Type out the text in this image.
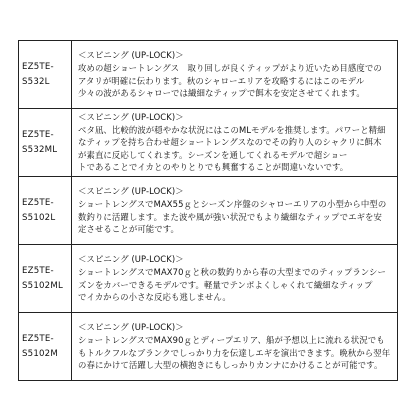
EZ5TE-
S532L	＜スピニング (UP-LOCK)＞
攻めの超ショートレングス　取り回しが良くティップがより近いため目感度での
アタリが明確に伝わります。秋のシャローエリアを攻略するにはこのモデル
少々の波があるシャローでは繊細なティップで餌木を安定させてくれます。

EZ5TE-
S532ML	＜スピニング (UP-LOCK)＞
ベタ凪、比較的波が穏やかな状況にはこのMLモデルを推奨します。パワーと精細
なティップを持ち合わせ超ショートレングスなのでその釣り人のシャクリに餌木
が素直に反応してくれます。シーズンを通してくれるモデルで超ショー
トであることでイカとのやりとりでも興奮することが間違いないです。

EZ5TE-
S5102L	＜スピニング (UP-LOCK)＞
ショートレングスでMAX55ｇとシーズン序盤のシャローエリアの小型から中型の
数釣りに活躍します。また波や風が強い状況でもより繊細なティップでエギを安
定させることが可能です。

EZ5TE-
S5102ML	＜スピニング (UP-LOCK)＞
ショートレングスでMAX70ｇと秋の数釣りから春の大型までのティップランシー
ズンをカバーできるモデルです。軽量でテンポよくしゃくれて繊細なティップ
でイカからの小さな反応も逃しません。

EZ5TE-
S5102M	＜スピニング (UP-LOCK)＞
ショートレングスでMAX90ｇとディープエリア、船が予想以上に流れる状況でも
もトルクフルなブランクでしっかり力を伝達しエギを演出できます。晩秋から翌年
の春にかけて活躍し大型の横抱きにもしっかりカンナにかけることが可能です。
